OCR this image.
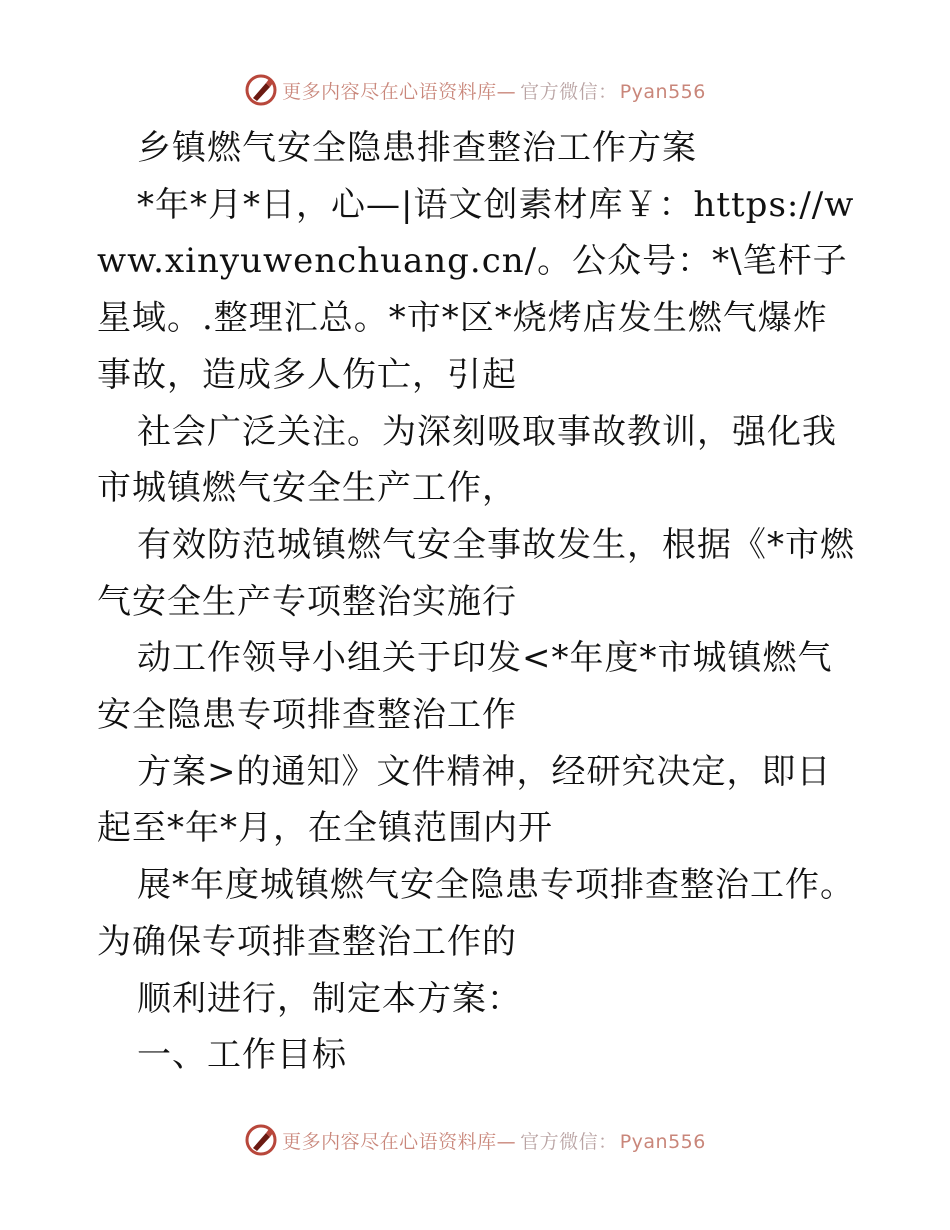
更多内容尽在心语资料库— 官方微信： Pyan556

乡镇燃气安全隐患排查整治工作方案

*年*月*日，心—|语文创素材库￥：https://www.xinyuwenchuang.cn/。公众号：*\笔杆子星域。.整理汇总。*市*区*烧烤店发生燃气爆炸事故，造成多人伤亡，引起

社会广泛关注。为深刻吸取事故教训，强化我市城镇燃气安全生产工作，

有效防范城镇燃气安全事故发生，根据《*市燃气安全生产专项整治实施行

动工作领导小组关于印发<*年度*市城镇燃气安全隐患专项排查整治工作

方案>的通知》文件精神，经研究决定，即日起至*年*月，在全镇范围内开

展*年度城镇燃气安全隐患专项排查整治工作。为确保专项排查整治工作的

顺利进行，制定本方案：

一、工作目标

更多内容尽在心语资料库— 官方微信： Pyan556
